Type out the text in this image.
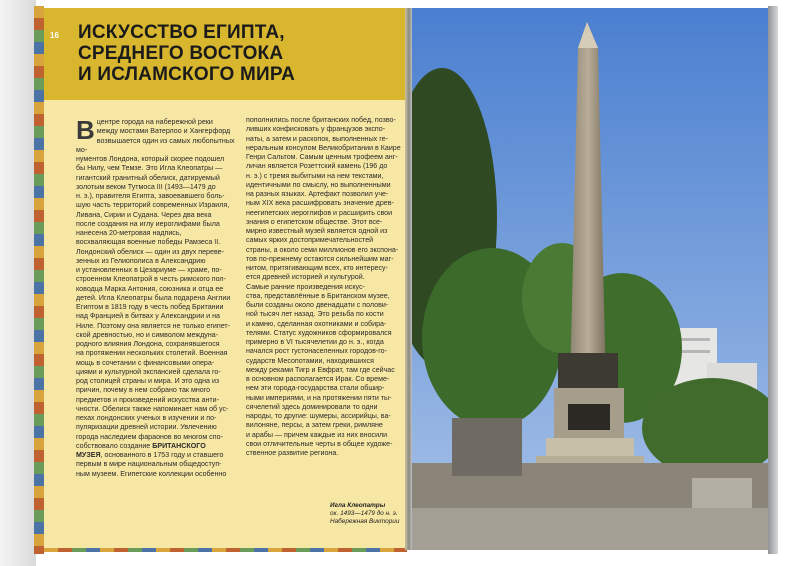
16 ИСКУССТВО ЕГИПТА,
СРЕДНЕГО ВОСТОКА
И ИСЛАМСКОГО МИРА

Вцентре города на набережной реки
между мостами Ватерлоо и Хангерфорд
возвышается один из самых любопытных мо-
нументов Лондона, который скорее подошел
бы Нилу, чем Темзе. Это Игла Клеопатры —
гигантский гранитный обелиск, датируемый
золотым веком Тутмоса III (1493—1479 до
н. э.), правителя Египта, завоевавшего боль-
шую часть территорий современных Израиля,
Ливана, Сирии и Судана. Через два века
после создания на иглу иероглифами была
нанесена 20-метровая надпись,
восхваляющая военные победы Рамзеса II.
Лондонский обелиск — один из двух переве-
зенных из Гелиополиса в Александрию
и установленных в Цезариуме — храме, по-
строенном Клеопатрой в честь римского пол-
ководца Марка Антония, союзника и отца ее
детей. Игла Клеопатры была подарена Англии
Египтом в 1819 году в честь побед Британии
над Францией в битвах у Александрии и на
Ниле. Поэтому она является не только египет-
ской древностью, но и символом междуна-
родного влияния Лондона, сохранявшегося
на протяжении нескольких столетий. Военная
мощь в сочетании с финансовыми опера-
циями и культурной экспансией сделала го-
род столицей страны и мира. И это одна из
причин, почему в нем собрано так много
предметов и произведений искусства анти-
чности. Обелиск также напоминает нам об ус-
пехах лондонских ученых в изучении и по-
пуляризации древней истории. Увлечению
города наследием фараонов во многом спо-
собствовало создание БРИТАНСКОГО
МУЗЕЯ, основанного в 1753 году и ставшего
первым в мире национальным общедоступ-
ным музеем. Египетские коллекции особенно

пополнились после британских побед, позво-
ливших конфисковать у французов экспо-
наты, а затем и раскопок, выполненных ге-
неральным консулом Великобритании в Каире
Генри Сальтом. Самым ценным трофеем анг-
личан является Розеттский камень (196 до
н. э.) с тремя выбитыми на нем текстами,
идентичными по смыслу, но выполненными
на разных языках. Артефакт позволил уче-
ным XIX века расшифровать значение древ-
неегипетских иероглифов и расширить свои
знания о египетском обществе. Этот все-
мирно известный музей является одной из
самых ярких достопримечательностей
страны, а около семи миллионов его экспона-
тов по-прежнему остаются сильнейшим маг-
нитом, притягивающим всех, кто интересу-
ется древней историей и культурой.
Самые ранние произведения искус-
ства, представлённые в Британском музее,
были созданы около двенадцати с полови-
ной тысяч лет назад. Это резьба по кости
и камню, сделанная охотниками и собира-
телями. Статус художников сформировался
примерно в VI тысячелетии до н. э., когда
начался рост густонаселенных городов-го-
сударств Месопотамии, находившихся
между реками Тигр и Евфрат, там где сейчас
в основном располагается Ирак. Со време-
нем эти города-государства стали обшир-
ными империями, и на протяжении пяти ты-
сячелетий здесь доминировали то одни
народы, то другие: шумеры, ассирийцы, ва-
вилоняне, персы, а затем греки, римляне
и арабы — причем каждые из них вносили
свои отличительные черты в общее художе-
ственное развитие региона.

Игла Клеопатры
ок. 1493—1479 до н. э.
Набережная Виктории
